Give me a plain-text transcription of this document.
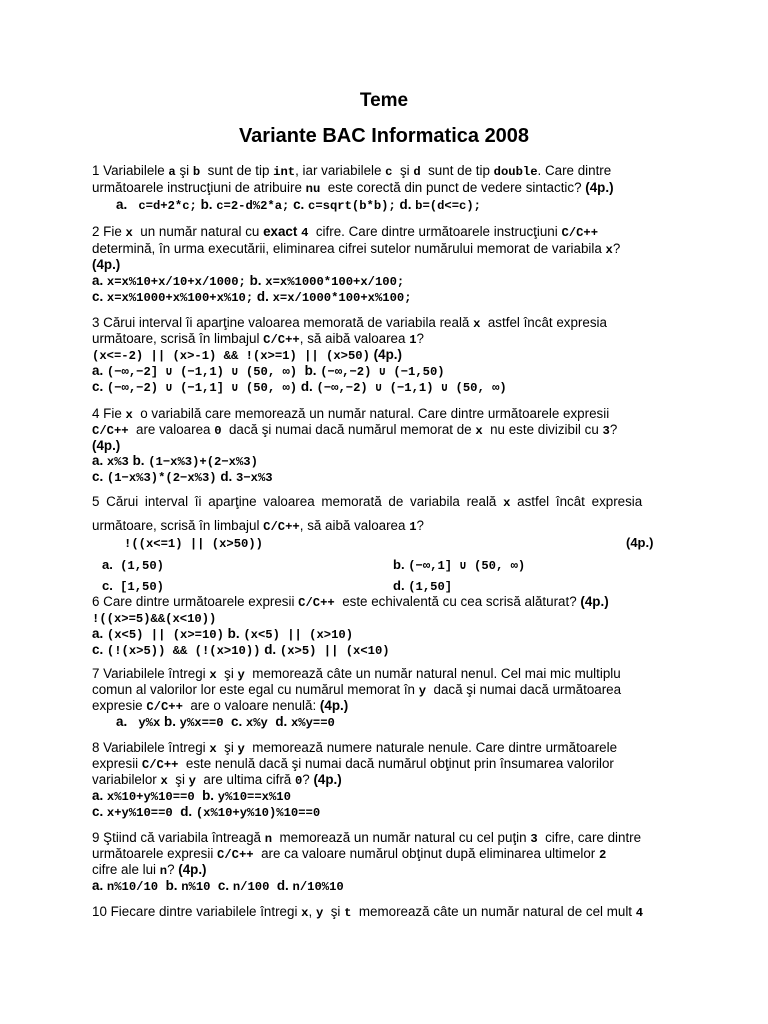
Teme
Variante BAC Informatica 2008
1 Variabilele a şi b  sunt de tip int, iar variabilele c  şi d  sunt de tip double. Care dintre
următoarele instrucţiuni de atribuire nu  este corectă din punct de vedere sintactic? (4p.)
a. c=d+2*c; b. c=2-d%2*a; c. c=sqrt(b*b); d. b=(d<=c);
2 Fie x  un număr natural cu exact 4  cifre. Care dintre următoarele instrucţiuni C/C++
determină, în urma executării, eliminarea cifrei sutelor numărului memorat de variabila x?
(4p.)
a. x=x%10+x/10+x/1000; b. x=x%1000*100+x/100;
c. x=x%1000+x%100+x%10; d. x=x/1000*100+x%100;
3 Cărui interval îi aparţine valoarea memorată de variabila reală x  astfel încât expresia
următoare, scrisă în limbajul C/C++, să aibă valoarea 1?
(x<=-2) || (x>-1) && !(x>=1) || (x>50) (4p.)
a. (−∞,−2] ∪ (−1,1) ∪ (50, ∞) b. (−∞,−2) ∪ (−1,50)
c. (−∞,−2) ∪ (−1,1] ∪ (50, ∞) d. (−∞,−2) ∪ (−1,1) ∪ (50, ∞)
4 Fie x  o variabilă care memorează un număr natural. Care dintre următoarele expresii
C/C++  are valoarea 0  dacă şi numai dacă numărul memorat de x  nu este divizibil cu 3?
(4p.)
a. x%3 b. (1−x%3)+(2−x%3)
c. (1−x%3)*(2−x%3) d. 3−x%3
5 Cărui interval îi aparţine valoarea memorată de variabila reală x astfel încât expresia
următoare, scrisă în limbajul C/C++, să aibă valoarea 1?
!((x<=1) || (x>50))	(4p.)
a. (1,50)	b. (−∞,1] ∪ (50, ∞)
c. [1,50)	d. (1,50]
6 Care dintre următoarele expresii C/C++  este echivalentă cu cea scrisă alăturat? (4p.)
!((x>=5)&&(x<10))
a. (x<5) || (x>=10) b. (x<5) || (x>10)
c. (!(x>5)) && (!(x>10)) d. (x>5) || (x<10)
7 Variabilele întregi x  şi y  memorează câte un număr natural nenul. Cel mai mic multiplu
comun al valorilor lor este egal cu numărul memorat în y  dacă şi numai dacă următoarea
expresie C/C++  are o valoare nenulă: (4p.)
a. y%x b. y%x==0 c. x%y d. x%y==0
8 Variabilele întregi x  şi y  memorează numere naturale nenule. Care dintre următoarele
expresii C/C++  este nenulă dacă şi numai dacă numărul obţinut prin însumarea valorilor
variabilelor x  şi y  are ultima cifră 0? (4p.)
a. x%10+y%10==0 b. y%10==x%10
c. x+y%10==0 d. (x%10+y%10)%10==0
9 Ştiind că variabila întreagă n  memorează un număr natural cu cel puţin 3  cifre, care dintre
următoarele expresii C/C++  are ca valoare numărul obţinut după eliminarea ultimelor 2
cifre ale lui n? (4p.)
a. n%10/10 b. n%10 c. n/100 d. n/10%10
10 Fiecare dintre variabilele întregi x, y  şi t  memorează câte un număr natural de cel mult 4
